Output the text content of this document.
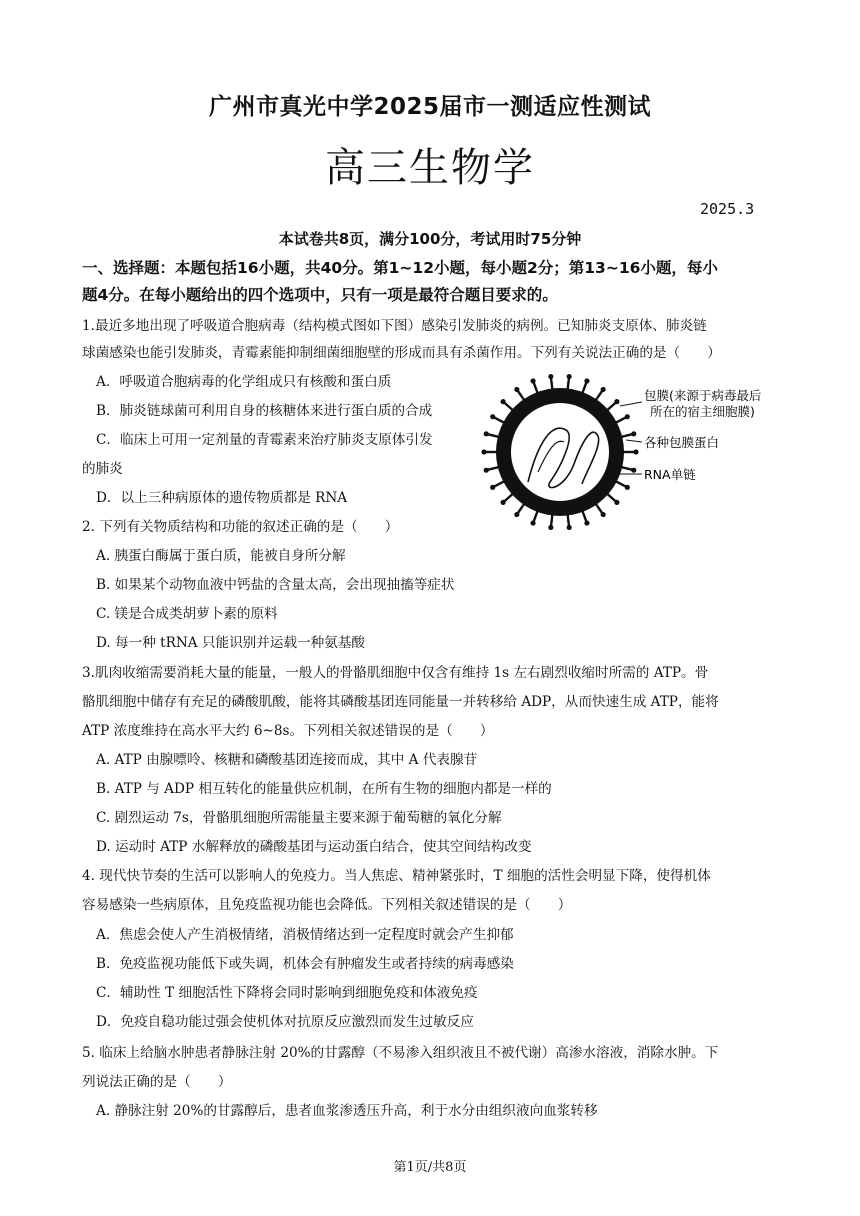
广州市真光中学2025届市一测适应性测试
高三生物学
2025.3
本试卷共8页，满分100分，考试用时75分钟
一、选择题：本题包括16小题，共40分。第1~12小题，每小题2分；第13~16小题，每小
题4分。在每小题给出的四个选项中，只有一项是最符合题目要求的。
1.最近多地出现了呼吸道合胞病毒（结构模式图如下图）感染引发肺炎的病例。已知肺炎支原体、肺炎链
球菌感染也能引发肺炎，青霉素能抑制细菌细胞壁的形成而具有杀菌作用。下列有关说法正确的是（　　）
A．呼吸道合胞病毒的化学组成只有核酸和蛋白质
B．肺炎链球菌可利用自身的核糖体来进行蛋白质的合成
C．临床上可用一定剂量的青霉素来治疗肺炎支原体引发
的肺炎
D．以上三种病原体的遗传物质都是 RNA
包膜(来源于病毒最后
所在的宿主细胞膜)
各种包膜蛋白
RNA单链
2. 下列有关物质结构和功能的叙述正确的是（　　）
A. 胰蛋白酶属于蛋白质，能被自身所分解
B. 如果某个动物血液中钙盐的含量太高，会出现抽搐等症状
C. 镁是合成类胡萝卜素的原料
D. 每一种 tRNA 只能识别并运载一种氨基酸
3.肌肉收缩需要消耗大量的能量，一般人的骨骼肌细胞中仅含有维持 1s 左右剧烈收缩时所需的 ATP。骨
骼肌细胞中储存有充足的磷酸肌酸，能将其磷酸基团连同能量一并转移给 ADP，从而快速生成 ATP，能将
ATP 浓度维持在高水平大约 6~8s。下列相关叙述错误的是（　　）
A. ATP 由腺嘌呤、核糖和磷酸基团连接而成，其中 A 代表腺苷
B. ATP 与 ADP 相互转化的能量供应机制，在所有生物的细胞内都是一样的
C. 剧烈运动 7s，骨骼肌细胞所需能量主要来源于葡萄糖的氧化分解
D. 运动时 ATP 水解释放的磷酸基团与运动蛋白结合，使其空间结构改变
4. 现代快节奏的生活可以影响人的免疫力。当人焦虑、精神紧张时，T 细胞的活性会明显下降，使得机体
容易感染一些病原体，且免疫监视功能也会降低。下列相关叙述错误的是（　　）
A．焦虑会使人产生消极情绪，消极情绪达到一定程度时就会产生抑郁
B．免疫监视功能低下或失调，机体会有肿瘤发生或者持续的病毒感染
C．辅助性 T 细胞活性下降将会同时影响到细胞免疫和体液免疫
D．免疫自稳功能过强会使机体对抗原反应激烈而发生过敏反应
5. 临床上给脑水肿患者静脉注射 20%的甘露醇（不易渗入组织液且不被代谢）高渗水溶液，消除水肿。下
列说法正确的是（　　）
A. 静脉注射 20%的甘露醇后，患者血浆渗透压升高，利于水分由组织液向血浆转移
第1页/共8页
